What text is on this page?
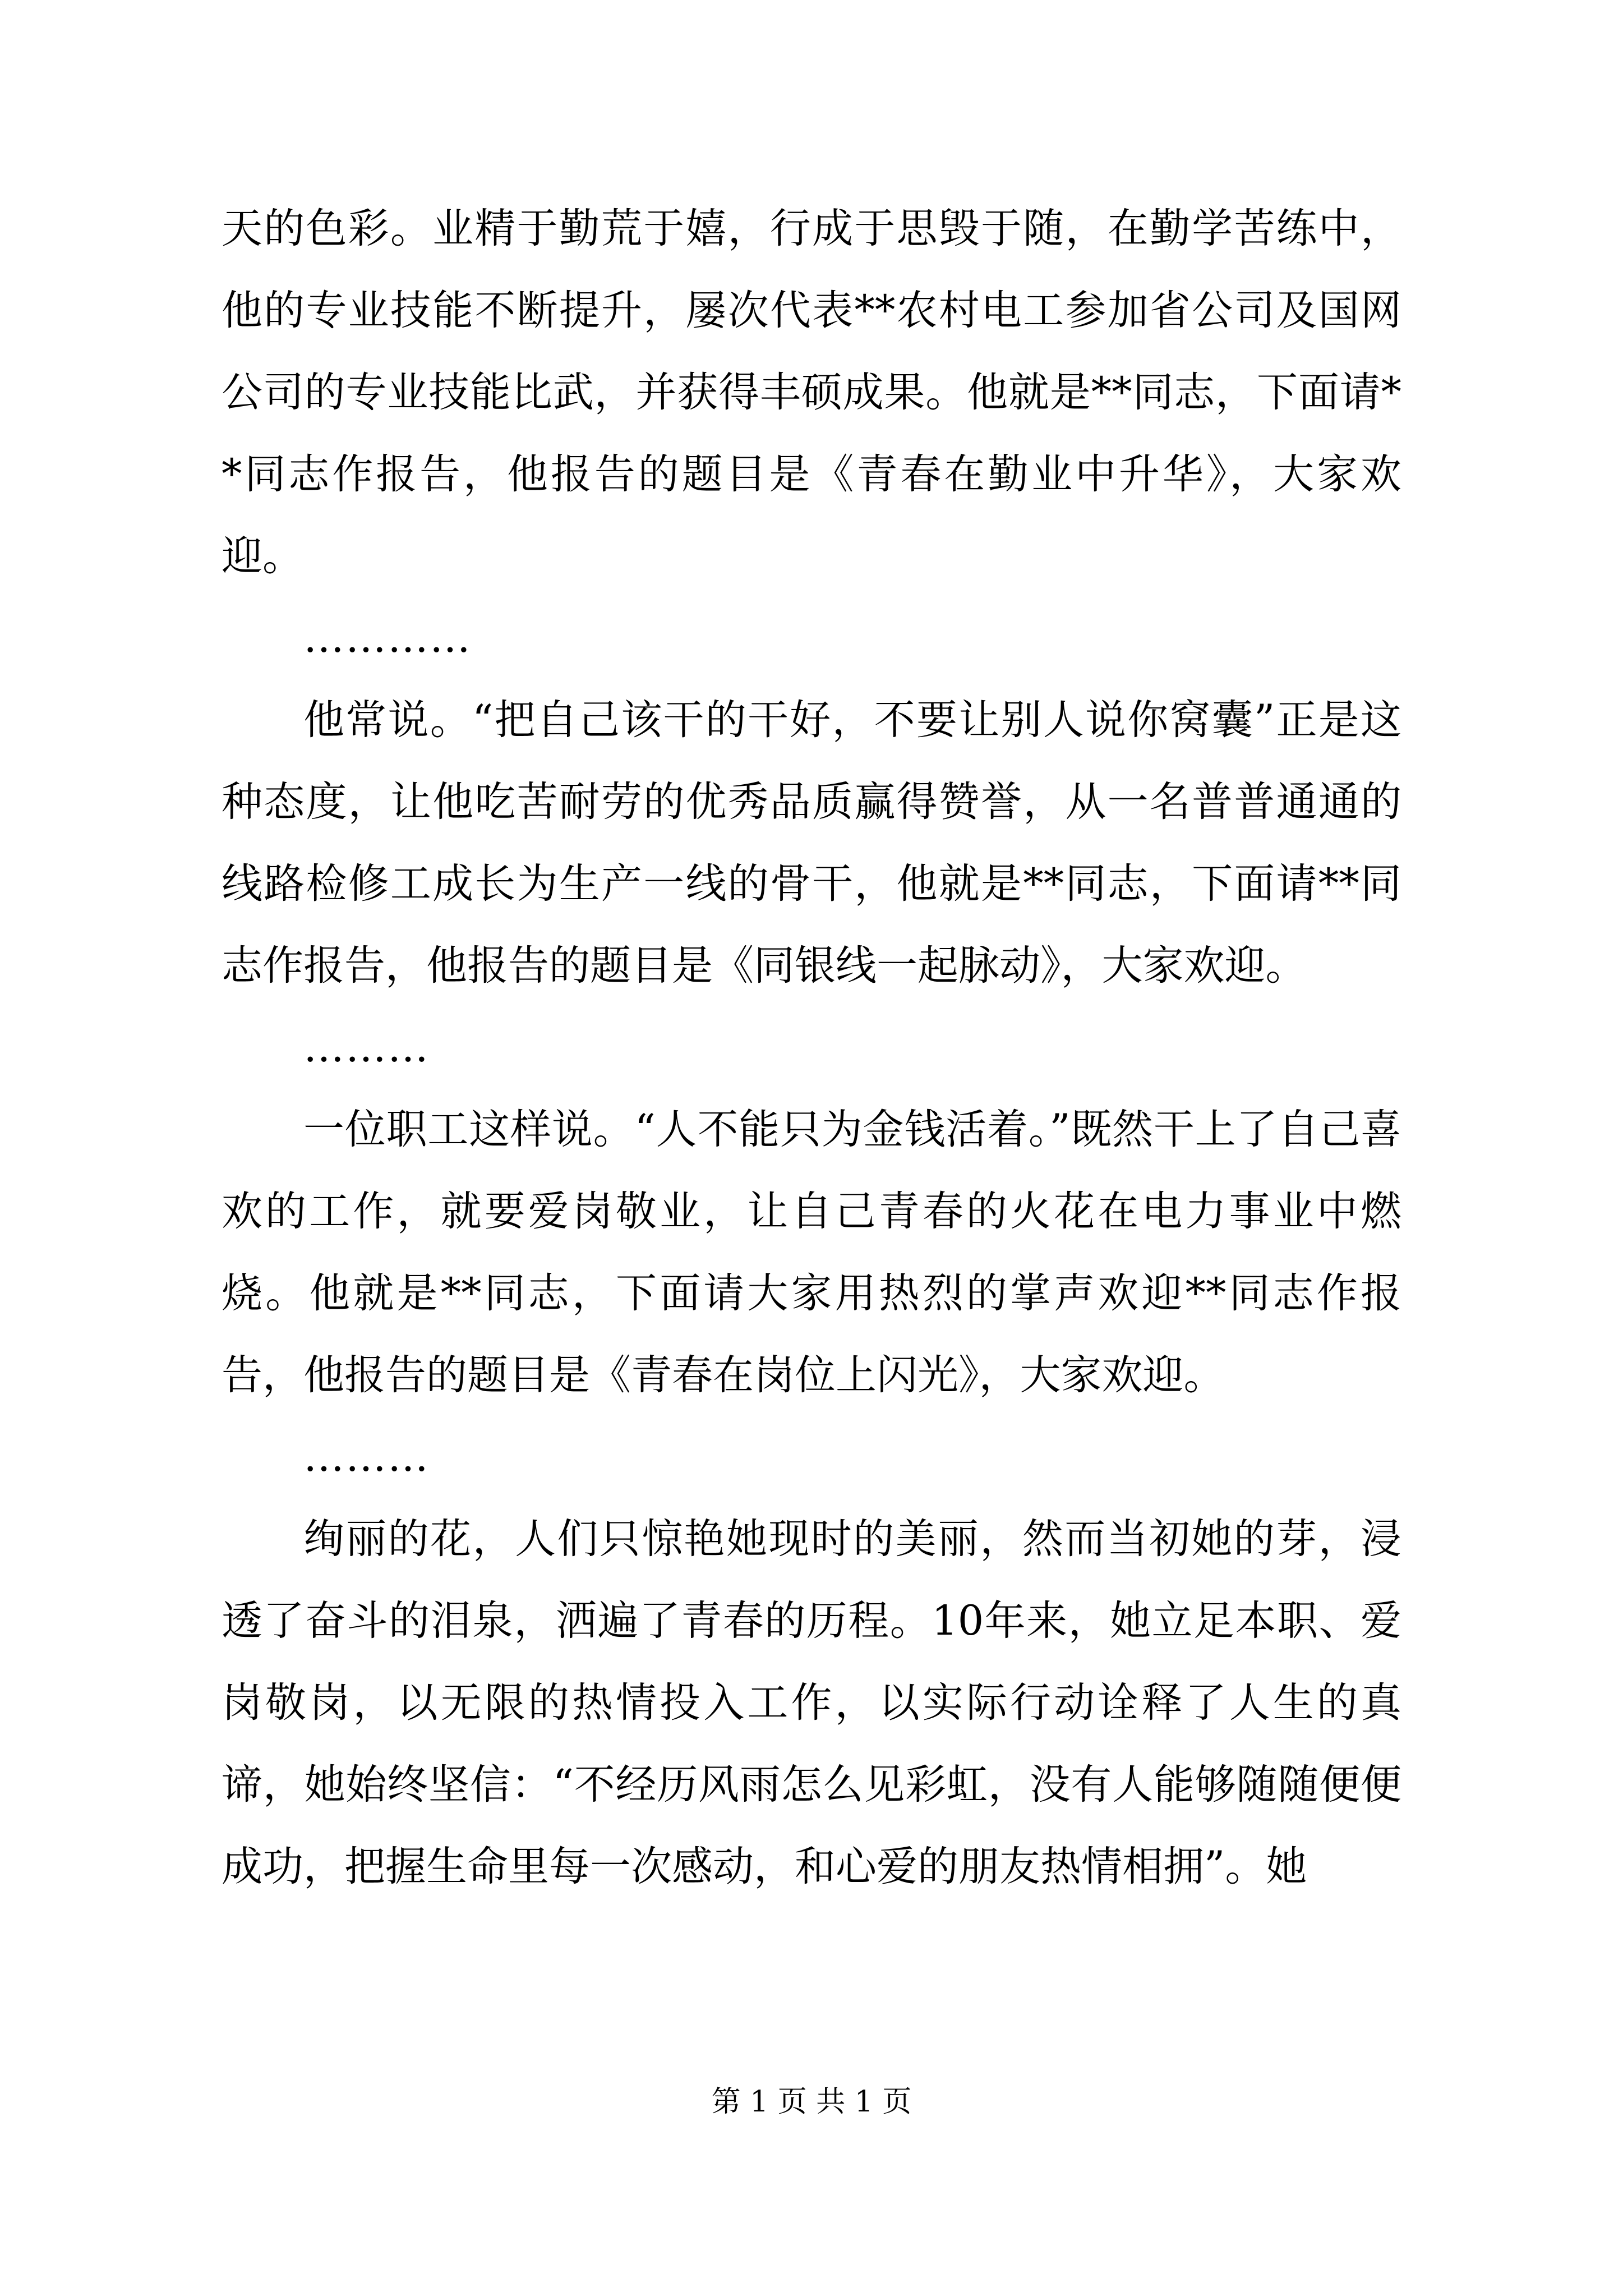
天的色彩。业精于勤荒于嬉，行成于思毁于随，在勤学苦练中，他的专业技能不断提升，屡次代表**农村电工参加省公司及国网公司的专业技能比武，并获得丰硕成果。他就是**同志，下面请**同志作报告，他报告的题目是《青春在勤业中升华》，大家欢迎。

…………

他常说。“把自己该干的干好，不要让别人说你窝囊”正是这种态度，让他吃苦耐劳的优秀品质赢得赞誉，从一名普普通通的线路检修工成长为生产一线的骨干，他就是**同志，下面请**同志作报告，他报告的题目是《同银线一起脉动》，大家欢迎。

………

一位职工这样说。“人不能只为金钱活着。”既然干上了自己喜欢的工作，就要爱岗敬业，让自己青春的火花在电力事业中燃烧。他就是**同志，下面请大家用热烈的掌声欢迎**同志作报告，他报告的题目是《青春在岗位上闪光》，大家欢迎。

………

绚丽的花，人们只惊艳她现时的美丽，然而当初她的芽，浸透了奋斗的泪泉，洒遍了青春的历程。10年来，她立足本职、爱岗敬岗，以无限的热情投入工作，以实际行动诠释了人生的真谛，她始终坚信：“不经历风雨怎么见彩虹，没有人能够随随便便成功，把握生命里每一次感动，和心爱的朋友热情相拥”。她

第 1 页 共 1 页
